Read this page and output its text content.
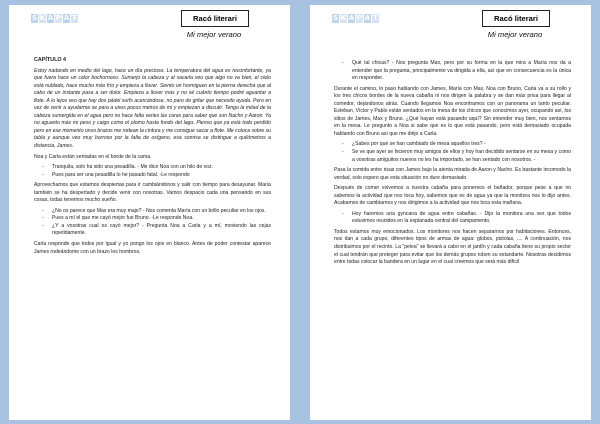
S K A P A T	Racó literari
Mi mejor verano

CAPÍTULO 4

Estoy nadando en medio del lago, hace un día precioso. La temperatura del agua es reconfortante, ya que fuera hace un calor bochornoso. Sumerjo la cabeza y al sacarla veo que algo no va bien, el cielo está nublado, hace mucho más frío y empieza a llover. Siento un hormigueo en la pierna derecha que al cabo de un instante pasa a ser dolor. Empieza a llover más y no sé cuánto tiempo podré aguantar a flote. A lo lejos veo que hay dos pádel surfs acercándose, no paro de gritar que necesito ayuda. Pero en vez de venir a ayudarme se para a unos pocos metros de mí y empiezan a discutir. Tengo la mitad de la cabeza sumergida en el agua pero no hace falta verles las caras para saber que son Nacho y Aaron. Ya no aguanto más mi peso y caigo como el plomo hasta fondo del lago. Pienso que ya está todo perdido pero en ese momento unos brazos me rodean la cintura y me consigue sacar a flote. Me coloca sobre su tabla y aunque veo muy borroso por la falta de oxígeno, esa sonrisa se distingue a quilómetros a distancia, James.

Noa y Carla están sentadas en el borde de la cama.

- Tranquila, solo ha sido una pesadilla. - Me dice Noa con un hilo de voz.
- Pues para ser una pesadilla lo he pasado fatal. -Le respondo

Aprovechamos que estamos despiertas para ir cambiándonos y salir con tiempo para desayunar. María también se ha despertado y decide venir con nosotras. Vamos despacio cada una pensando en sus cosas, todas tenemos mucho sueño.

- ¿No os parece que Max era muy majo? - Nos comenta María con un brillo peculiar en los ojos.
- Pues a mí el que me cayó mejor fue Bruno. -Le responde Noa.
- ¿Y a vosotras cual os cayó mejor? - Pregunta Noa a Carla y a mí, moviendo las cejas repetidamente.

Carla responde que todos por igual y yo pongo los ojos en blanco. Antes de poder contestar aparece James rodeándome con un brazo los hombros.

S K A P A T	Racó literari
Mi mejor verano
- Qué tal chicas? - Nos pregunta Max, pero por su forma en la que mira a María nos da a entender que la pregunta, principalmente va dirigida a ella, así que en consecuencia es la única en responder.

Durante el camino, lo paso hablando con James, María con Max, Noa con Bruno, Carla va a su rollo y los tres chicos bordes de la nueva cabaña ni nos dirigen la palabra y se dan más prisa para llegar al comedor, dejándonos atrás. Cuando llegamos Noa encontramos con un panorama un tanto peculiar. Esteban, Víctor y Pablo están sentados en la mesa de los chicos que conocimos ayer, ocupando así, los sitios de James, Max y Bruno. ¿Qué hayan está pasando aquí? Sin entender muy bien, nos sentamos en la mesa. Le pregunto a Noa si sabe que es lo que está pasando, pero está demasiado ocupada hablando con Bruno así que me dirijo a Carla.

- ¿Sabes por qué se han cambiado de mesa aquellos tres? -
- Se ve que ayer se hicieron muy amigos de ellos y hoy han decidido sentarse en su mesa y como a vosotras amiguitos nuevos no les ha importado, se han sentado con nosotros. -

Pasa la comida entre risas con James bajo la atenta mirada de Aaron y Nacho. Es bastante incomodo la verdad, solo espero que esta situación no dure demasiado.

Después de comer volvemos a nuestra cabaña para ponernos el bañador, porque pese a que no sabemos la actividad que nos toca hoy, sabemos que es de agua ya que la monitora nos lo dijo antes. Acabamos de cambiarnos y nos dirigimos a la actividad que nos toca esta mañana.

- Hoy haremos una gyncana de agua entre cabañas. - Dijo la monitora una vez que todos estuvimos reunidos en la explanada central del campamento.

Todos estamos muy emocionados. Los monitores nos hacen separarnos por habitaciones. Entonces, nos dan a cada grupo, diferentes tipos de armas de agua: globos, pistolas, .... A continuación, nos distribuimos por el recinto. La "pelea" se llevará a cabo en el jardín y cada cabaña tiene su propio sector el cual tendrán que proteger para evitar que los demás grupos roben su estandarte. Nosotras decidimos entre todas colocar la bandera en un lugar en el cual creemos que será más difícil
